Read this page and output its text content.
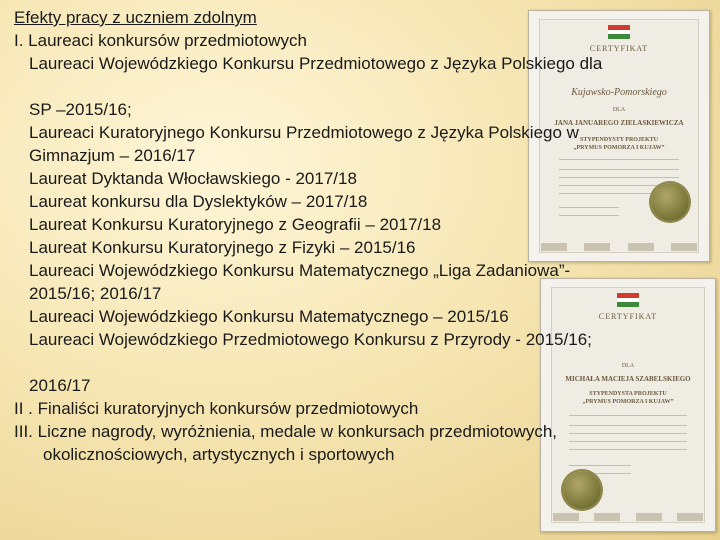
CERTYFIKAT
Kujawsko-Pomorskiego
DLA
JANA JANUAREGO ZIELASKIEWICZA
STYPENDYSTY PROJEKTU
„PRYMUS POMORZA I KUJAW”
CERTYFIKAT
DLA
MICHAŁA MACIEJA SZABELSKIEGO
STYPENDYSTA PROJEKTU
„PRYMUS POMORZA I KUJAW”
Efekty pracy z uczniem zdolnym
I. Laureaci konkursów przedmiotowych
Laureaci Wojewódzkiego Konkursu Przedmiotowego z Języka Polskiego dla
SP –2015/16;
Laureaci Kuratoryjnego Konkursu Przedmiotowego z Języka Polskiego w
Gimnazjum – 2016/17
Laureat Dyktanda Włocławskiego - 2017/18
Laureat konkursu dla Dyslektyków – 2017/18
Laureat Konkursu Kuratoryjnego z Geografii – 2017/18
Laureat Konkursu Kuratoryjnego z Fizyki – 2015/16
Laureaci Wojewódzkiego Konkursu Matematycznego „Liga Zadaniowa”-
2015/16; 2016/17
Laureaci Wojewódzkiego Konkursu Matematycznego – 2015/16
Laureaci Wojewódzkiego Przedmiotowego Konkursu z Przyrody - 2015/16;
2016/17
II . Finaliści kuratoryjnych konkursów przedmiotowych
III. Liczne nagrody, wyróżnienia, medale w konkursach przedmiotowych,
okolicznościowych, artystycznych i sportowych
